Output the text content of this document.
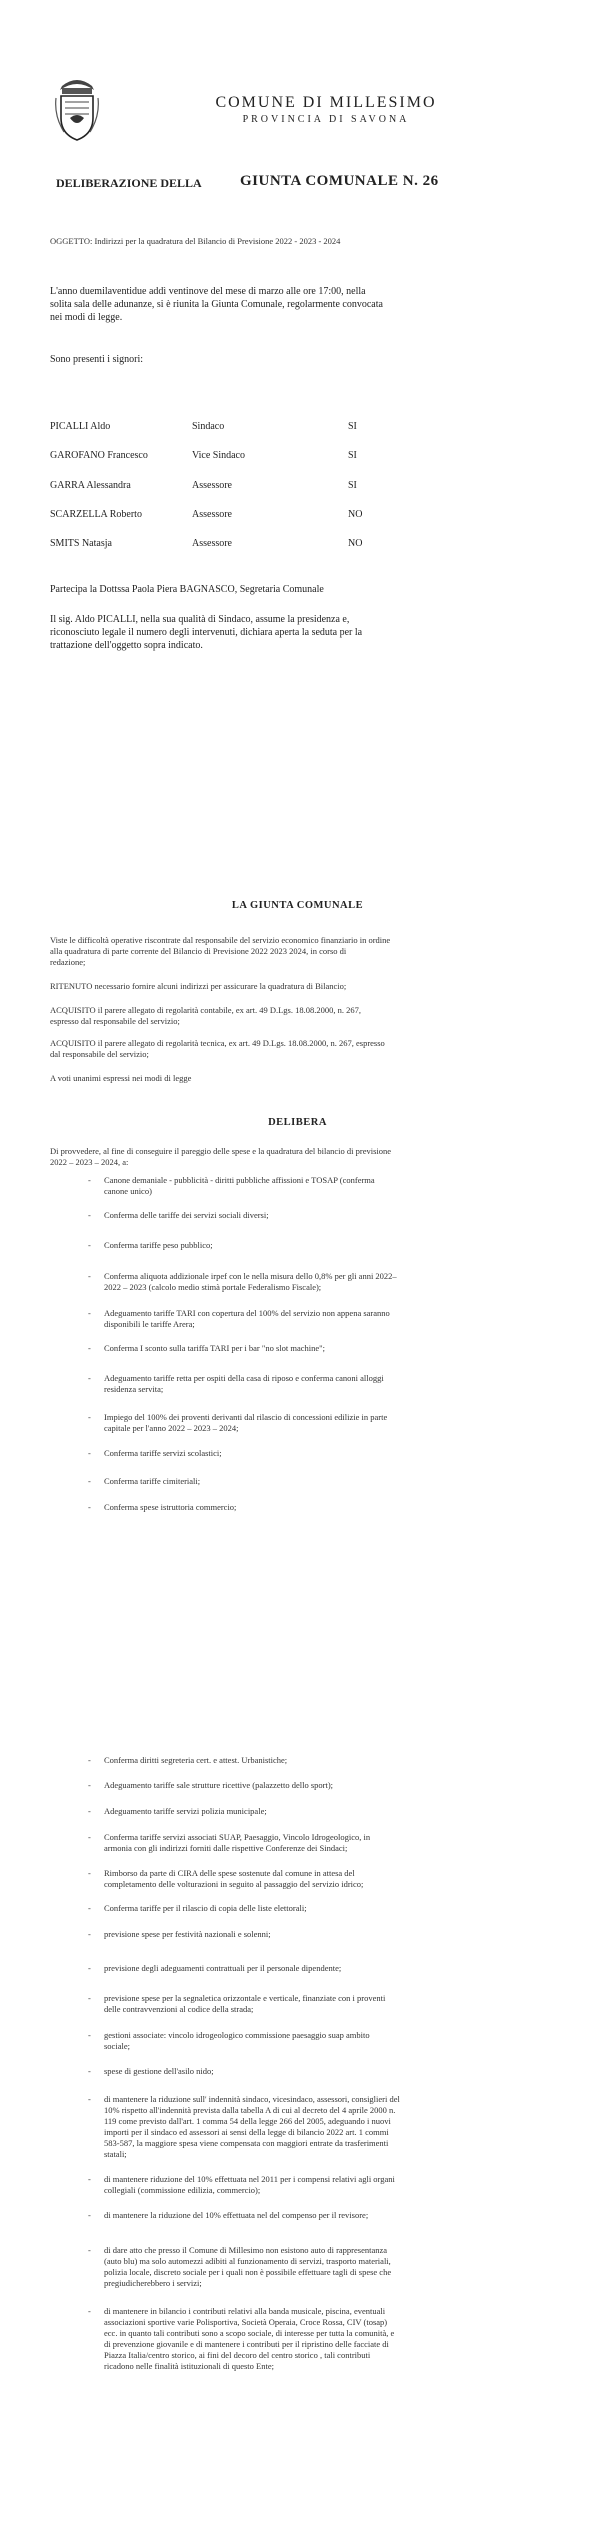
COMUNE DI MILLESIMO
PROVINCIA DI SAVONA
DELIBERAZIONE DELLA	GIUNTA COMUNALE N. 26
OGGETTO: Indirizzi per la quadratura del Bilancio di Previsione 2022 - 2023 - 2024
L'anno duemilaventidue addì ventinove del mese di marzo alle ore 17:00, nella
solita sala delle adunanze, si è riunita la Giunta Comunale, regolarmente convocata
nei modi di legge.
Sono presenti i signori:
PICALLI Aldo	Sindaco	SI
GAROFANO Francesco	Vice Sindaco	SI
GARRA Alessandra	Assessore	SI
SCARZELLA Roberto	Assessore	NO
SMITS Natasja	Assessore	NO
Partecipa la Dottssa Paola Piera BAGNASCO, Segretaria Comunale
Il sig. Aldo PICALLI, nella sua qualità di Sindaco, assume la presidenza e,
riconosciuto legale il numero degli intervenuti, dichiara aperta la seduta per la
trattazione dell'oggetto sopra indicato.
LA GIUNTA COMUNALE
Viste le difficoltà operative riscontrate dal responsabile del servizio economico finanziario in ordine
alla quadratura di parte corrente del Bilancio di Previsione 2022 2023 2024, in corso di
redazione;
RITENUTO necessario fornire alcuni indirizzi per assicurare la quadratura di Bilancio;
ACQUISITO il parere allegato di regolarità contabile, ex art. 49 D.Lgs. 18.08.2000, n. 267,
espresso dal responsabile del servizio;
ACQUISITO il parere allegato di regolarità tecnica, ex art. 49 D.Lgs. 18.08.2000, n. 267, espresso
dal responsabile del servizio;
A voti unanimi espressi nei modi di legge
DELIBERA
Di provvedere, al fine di conseguire il pareggio delle spese e la quadratura del bilancio di previsione
2022 – 2023 – 2024, a:
- Canone demaniale - pubblicità - diritti pubbliche affissioni e TOSAP (conferma
canone unico)
- Conferma delle tariffe dei servizi sociali diversi;
- Conferma tariffe peso pubblico;
- Conferma aliquota addizionale irpef con le nella misura dello 0,8% per gli anni 2022–
2022 – 2023 (calcolo medio stimà portale Federalismo Fiscale);
- Adeguamento tariffe TARI con copertura del 100% del servizio non appena saranno
disponibili le tariffe Arera;
- Conferma I sconto sulla tariffa TARI per i bar "no slot machine";
- Adeguamento tariffe retta per ospiti della casa di riposo e conferma canoni alloggi
residenza servita;
- Impiego del 100% dei proventi derivanti dal rilascio di concessioni edilizie in parte
capitale per l'anno 2022 – 2023 – 2024;
- Conferma tariffe servizi scolastici;
- Conferma tariffe cimiteriali;
- Conferma spese istruttoria commercio;
- Conferma diritti segreteria cert. e attest. Urbanistiche;
- Adeguamento tariffe sale strutture ricettive (palazzetto dello sport);
- Adeguamento tariffe servizi polizia municipale;
- Conferma tariffe servizi associati SUAP, Paesaggio, Vincolo Idrogeologico, in
armonia con gli indirizzi forniti dalle rispettive Conferenze dei Sindaci;
- Rimborso da parte di CIRA delle spese sostenute dal comune in attesa del
completamento delle volturazioni in seguito al passaggio del servizio idrico;
- Conferma tariffe per il rilascio di copia delle liste elettorali;
- previsione spese per festività nazionali e solenni;
- previsione degli adeguamenti contrattuali per il personale dipendente;
- previsione spese per la segnaletica orizzontale e verticale, finanziate con i proventi
delle contravvenzioni al codice della strada;
- gestioni associate: vincolo idrogeologico commissione paesaggio suap ambito
sociale;
- spese di gestione dell'asilo nido;
- di mantenere la riduzione sull' indennità sindaco, vicesindaco, assessori, consiglieri del
10% rispetto all'indennità prevista dalla tabella A di cui al decreto del 4 aprile 2000 n.
119 come previsto dall'art. 1 comma 54 della legge 266 del 2005, adeguando i nuovi
importi per il sindaco ed assessori ai sensi della legge di bilancio 2022 art. 1 commi
583-587, la maggiore spesa viene compensata con maggiori entrate da trasferimenti
statali;
- di mantenere riduzione del 10% effettuata nel 2011 per i compensi relativi agli organi
collegiali (commissione edilizia, commercio);
- di mantenere la riduzione del 10% effettuata nel del compenso per il revisore;
- di dare atto che presso il Comune di Millesimo non esistono auto di rappresentanza
(auto blu) ma solo automezzi adibiti al funzionamento di servizi, trasporto materiali,
polizia locale, discreto sociale per i quali non è possibile effettuare tagli di spese che
pregiudicherebbero i servizi;
- di mantenere in bilancio i contributi relativi alla banda musicale, piscina, eventuali
associazioni sportive varie Polisportiva, Società Operaia, Croce Rossa, CIV (tosap)
ecc. in quanto tali contributi sono a scopo sociale, di interesse per tutta la comunità, e
di prevenzione giovanile e di mantenere i contributi per il ripristino delle facciate di
Piazza Italia/centro storico, ai fini del decoro del centro storico , tali contributi
ricadono nelle finalità istituzionali di questo Ente;
